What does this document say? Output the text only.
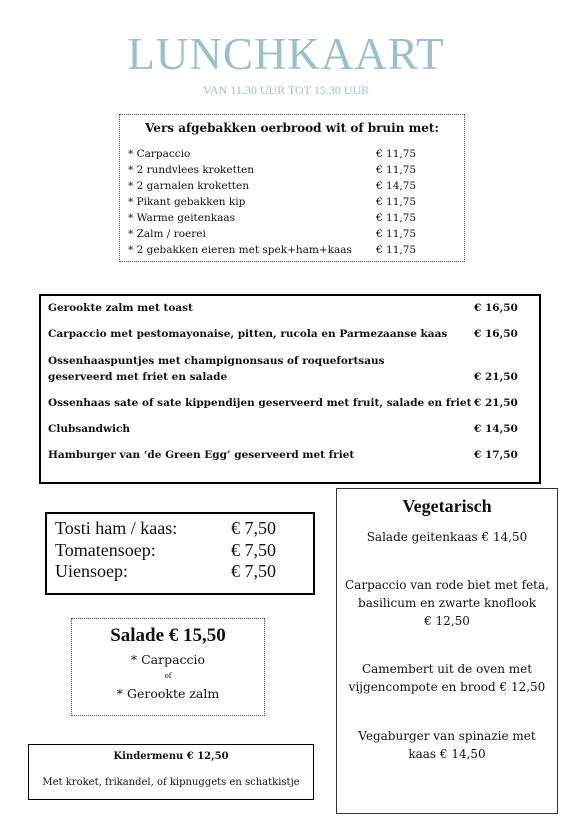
LUNCHKAART
VAN 11.30 UUR TOT 15.30 UUR
Vers afgebakken oerbrood wit of bruin met:
* Carpaccio	€ 11,75
* 2 rundvlees kroketten	€ 11,75
* 2 garnalen kroketten	€ 14,75
* Pikant gebakken kip	€ 11,75
* Warme geitenkaas	€ 11,75
* Zalm / roerei	€ 11,75
* 2 gebakken eieren met spek+ham+kaas € 11,75
Gerookte zalm met toast	€ 16,50
Carpaccio met pestomayonaise, pitten, rucola en Parmezaanse kaas	€ 16,50
Ossenhaaspuntjes met champignonsaus of roquefortsaus
geserveerd met friet en salade	€ 21,50
Ossenhaas sate of sate kippendijen geserveerd met fruit, salade en friet € 21,50
Clubsandwich	€ 14,50
Hamburger van ‘de Green Egg’ geserveerd met friet	€ 17,50
Tosti ham / kaas:	€ 7,50
Tomatensoep:	€ 7,50
Uiensoep:	€ 7,50
Salade € 15,50
* Carpaccio
of
* Gerookte zalm
Kindermenu € 12,50
Met kroket, frikandel, of kipnuggets en schatkistje
Vegetarisch
Salade geitenkaas € 14,50
Carpaccio van rode biet met feta,
basilicum en zwarte knoflook
€ 12,50
Camembert uit de oven met
vijgencompote en brood € 12,50
Vegaburger van spinazie met
kaas € 14,50
